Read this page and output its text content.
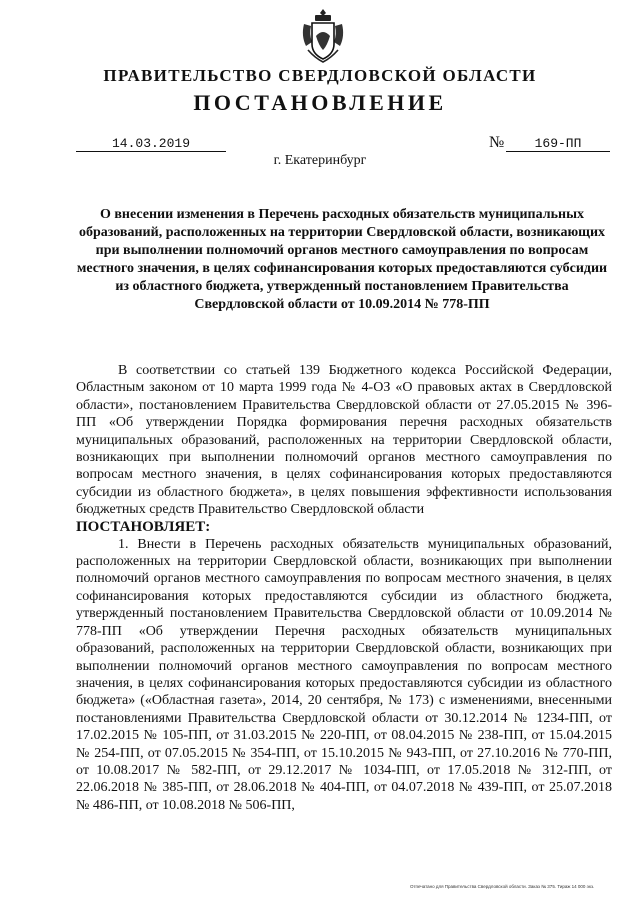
ПРАВИТЕЛЬСТВО СВЕРДЛОВСКОЙ ОБЛАСТИ
ПОСТАНОВЛЕНИЕ
14.03.2019	№	169-ПП
г. Екатеринбург
О внесении изменения в Перечень расходных обязательств муниципальных образований, расположенных на территории Свердловской области, возникающих при выполнении полномочий органов местного самоуправления по вопросам местного значения, в целях софинансирования которых предоставляются субсидии из областного бюджета, утвержденный постановлением Правительства Свердловской области от 10.09.2014 № 778-ПП

В соответствии со статьей 139 Бюджетного кодекса Российской Федерации, Областным законом от 10 марта 1999 года № 4-ОЗ «О правовых актах в Свердловской области», постановлением Правительства Свердловской области от 27.05.2015 № 396-ПП «Об утверждении Порядка формирования перечня расходных обязательств муниципальных образований, расположенных на территории Свердловской области, возникающих при выполнении полномочий органов местного самоуправления по вопросам местного значения, в целях софинансирования которых предоставляются субсидии из областного бюджета», в целях повышения эффективности использования бюджетных средств Правительство Свердловской области

ПОСТАНОВЛЯЕТ:

1. Внести в Перечень расходных обязательств муниципальных образований, расположенных на территории Свердловской области, возникающих при выполнении полномочий органов местного самоуправления по вопросам местного значения, в целях софинансирования которых предоставляются субсидии из областного бюджета, утвержденный постановлением Правительства Свердловской области от 10.09.2014 № 778-ПП «Об утверждении Перечня расходных обязательств муниципальных образований, расположенных на территории Свердловской области, возникающих при выполнении полномочий органов местного самоуправления по вопросам местного значения, в целях софинансирования которых предоставляются субсидии из областного бюджета» («Областная газета», 2014, 20 сентября, № 173) с изменениями, внесенными постановлениями Правительства Свердловской области от 30.12.2014 № 1234-ПП, от 17.02.2015 № 105-ПП, от 31.03.2015 № 220-ПП, от 08.04.2015 № 238-ПП, от 15.04.2015 № 254-ПП, от 07.05.2015 № 354-ПП, от 15.10.2015 № 943-ПП, от 27.10.2016 № 770-ПП, от 10.08.2017 № 582-ПП, от 29.12.2017 № 1034-ПП, от 17.05.2018 № 312-ПП, от 22.06.2018 № 385-ПП, от 28.06.2018 № 404-ПП, от 04.07.2018 № 439-ПП, от 25.07.2018 № 486-ПП, от 10.08.2018 № 506-ПП,

Отпечатано для Правительства Свердловской области. Заказ № 375. Тираж 14 000 экз.
